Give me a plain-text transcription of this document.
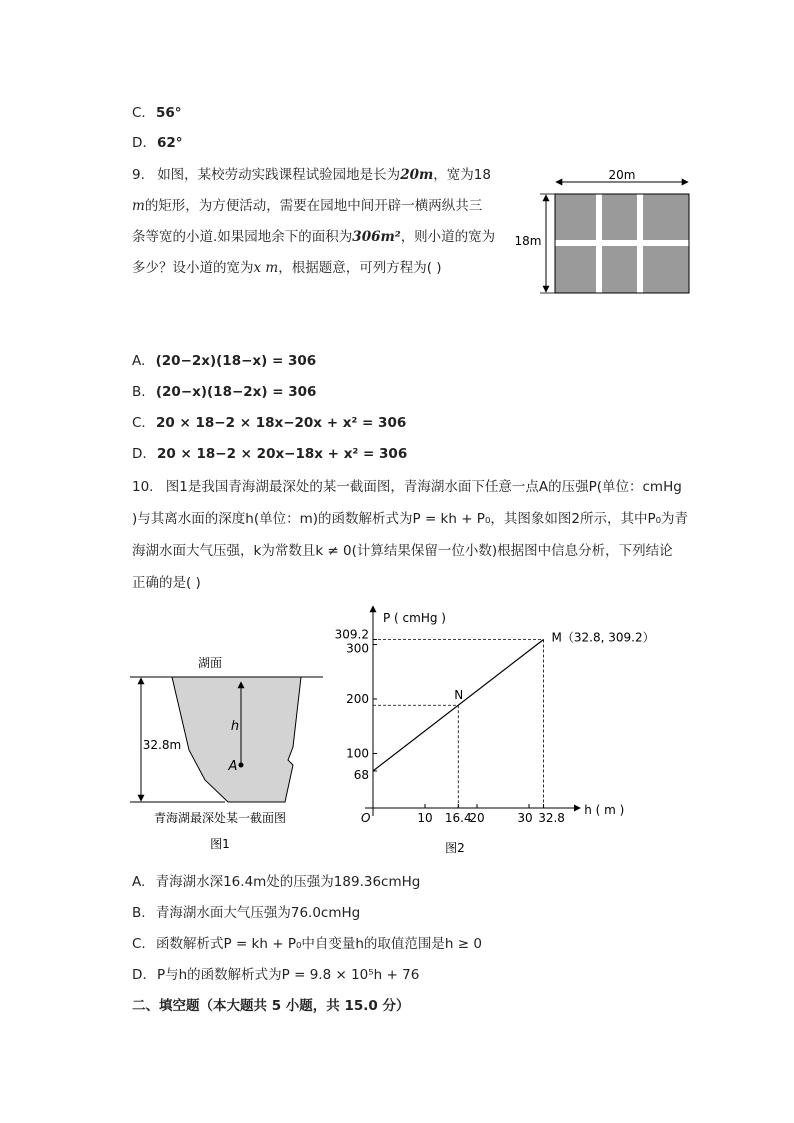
C. 56°
D. 62°
9. 如图，某校劳动实践课程试验园地是长为20m，宽为18
m的矩形，为方便活动，需要在园地中间开辟一横两纵共三
条等宽的小道.如果园地余下的面积为306m²，则小道的宽为
多少？设小道的宽为x m，根据题意，可列方程为( )
20m
18m
A. (20−2x)(18−x) = 306
B. (20−x)(18−2x) = 306
C. 20 × 18−2 × 18x−20x + x² = 306
D. 20 × 18−2 × 20x−18x + x² = 306
10. 图1是我国青海湖最深处的某一截面图，青海湖水面下任意一点A的压强P(单位：cmHg
)与其离水面的深度h(单位：m)的函数解析式为P = kh + P₀，其图象如图2所示，其中P₀为青
海湖水面大气压强，k为常数且k ≠ 0(计算结果保留一位小数)根据图中信息分析，下列结论
正确的是( )
湖面
32.8m
h
A
青海湖最深处某一截面图
图1
P ( cmHg )
h ( m )
O	10 16.4
20	30 32.8
68
100
200
300
309.2
N
M（32.8, 309.2）
图2
A. 青海湖水深16.4m处的压强为189.36cmHg
B. 青海湖水面大气压强为76.0cmHg
C. 函数解析式P = kh + P₀中自变量h的取值范围是h ≥ 0
D. P与h的函数解析式为P = 9.8 × 10⁵h + 76
二、填空题（本大题共 5 小题，共 15.0 分）
